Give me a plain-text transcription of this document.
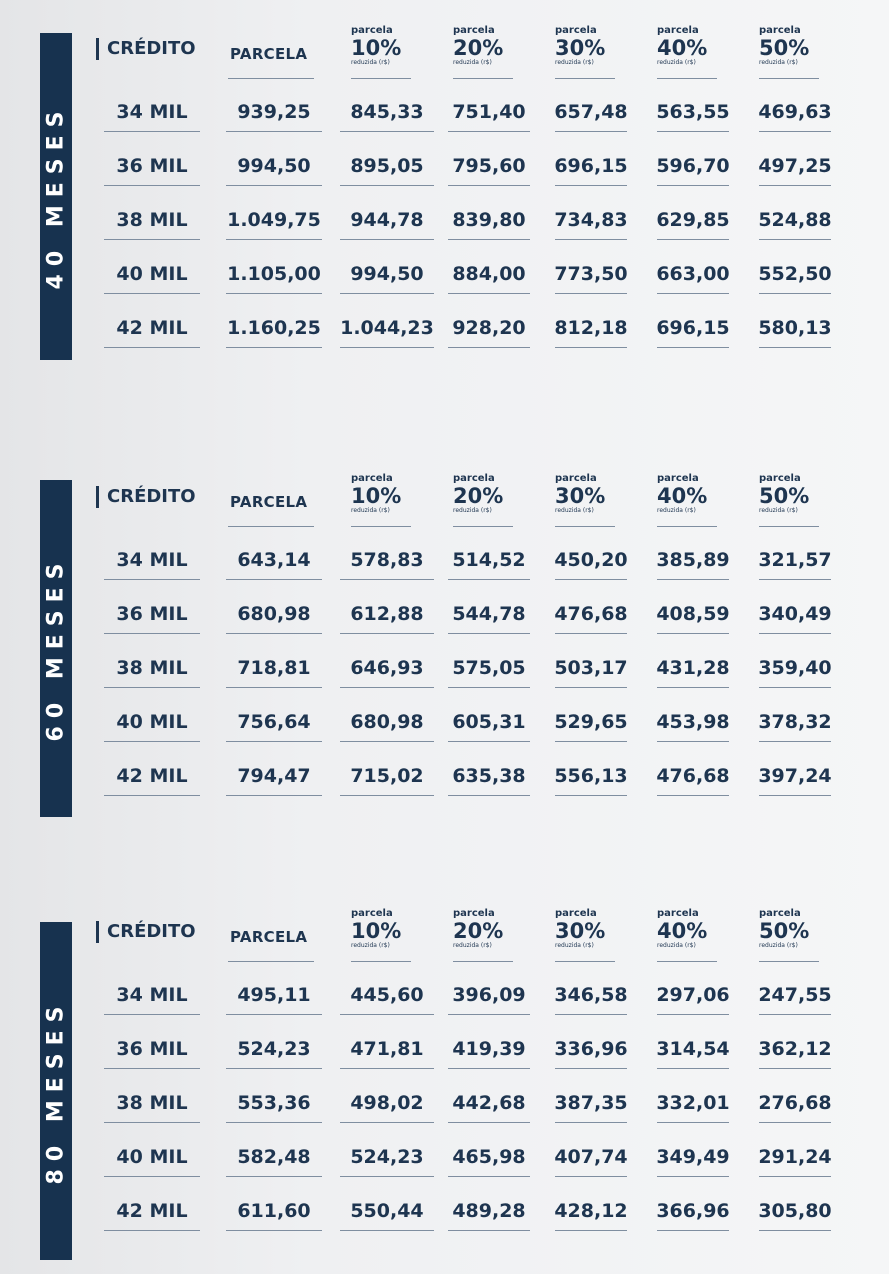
40 MESES
CRÉDITO PARCELA
parcela
10%
reduzida (r$)
parcela
20%
reduzida (r$)
parcela
30%
reduzida (r$)
parcela
40%
reduzida (r$)
parcela
50%
reduzida (r$)
34 MIL	939,25	845,33	751,40	657,48	563,55	469,63
36 MIL	994,50	895,05	795,60	696,15	596,70	497,25
38 MIL	1.049,75	944,78	839,80	734,83	629,85	524,88
40 MIL	1.105,00	994,50	884,00	773,50	663,00	552,50
42 MIL	1.160,25	1.044,23 928,20	812,18	696,15	580,13
60 MESES
CRÉDITO PARCELA
parcela
10%
reduzida (r$)
parcela
20%
reduzida (r$)
parcela
30%
reduzida (r$)
parcela
40%
reduzida (r$)
parcela
50%
reduzida (r$)
34 MIL	643,14	578,83	514,52	450,20	385,89	321,57
36 MIL	680,98	612,88	544,78	476,68	408,59	340,49
38 MIL	718,81	646,93	575,05	503,17	431,28	359,40
40 MIL	756,64	680,98	605,31	529,65	453,98	378,32
42 MIL	794,47	715,02	635,38	556,13	476,68	397,24
80 MESES
CRÉDITO PARCELA
parcela
10%
reduzida (r$)
parcela
20%
reduzida (r$)
parcela
30%
reduzida (r$)
parcela
40%
reduzida (r$)
parcela
50%
reduzida (r$)
34 MIL	495,11	445,60	396,09	346,58	297,06	247,55
36 MIL	524,23	471,81	419,39	336,96	314,54	362,12
38 MIL	553,36	498,02	442,68	387,35	332,01	276,68
40 MIL	582,48	524,23	465,98	407,74	349,49	291,24
42 MIL	611,60	550,44	489,28	428,12	366,96	305,80
